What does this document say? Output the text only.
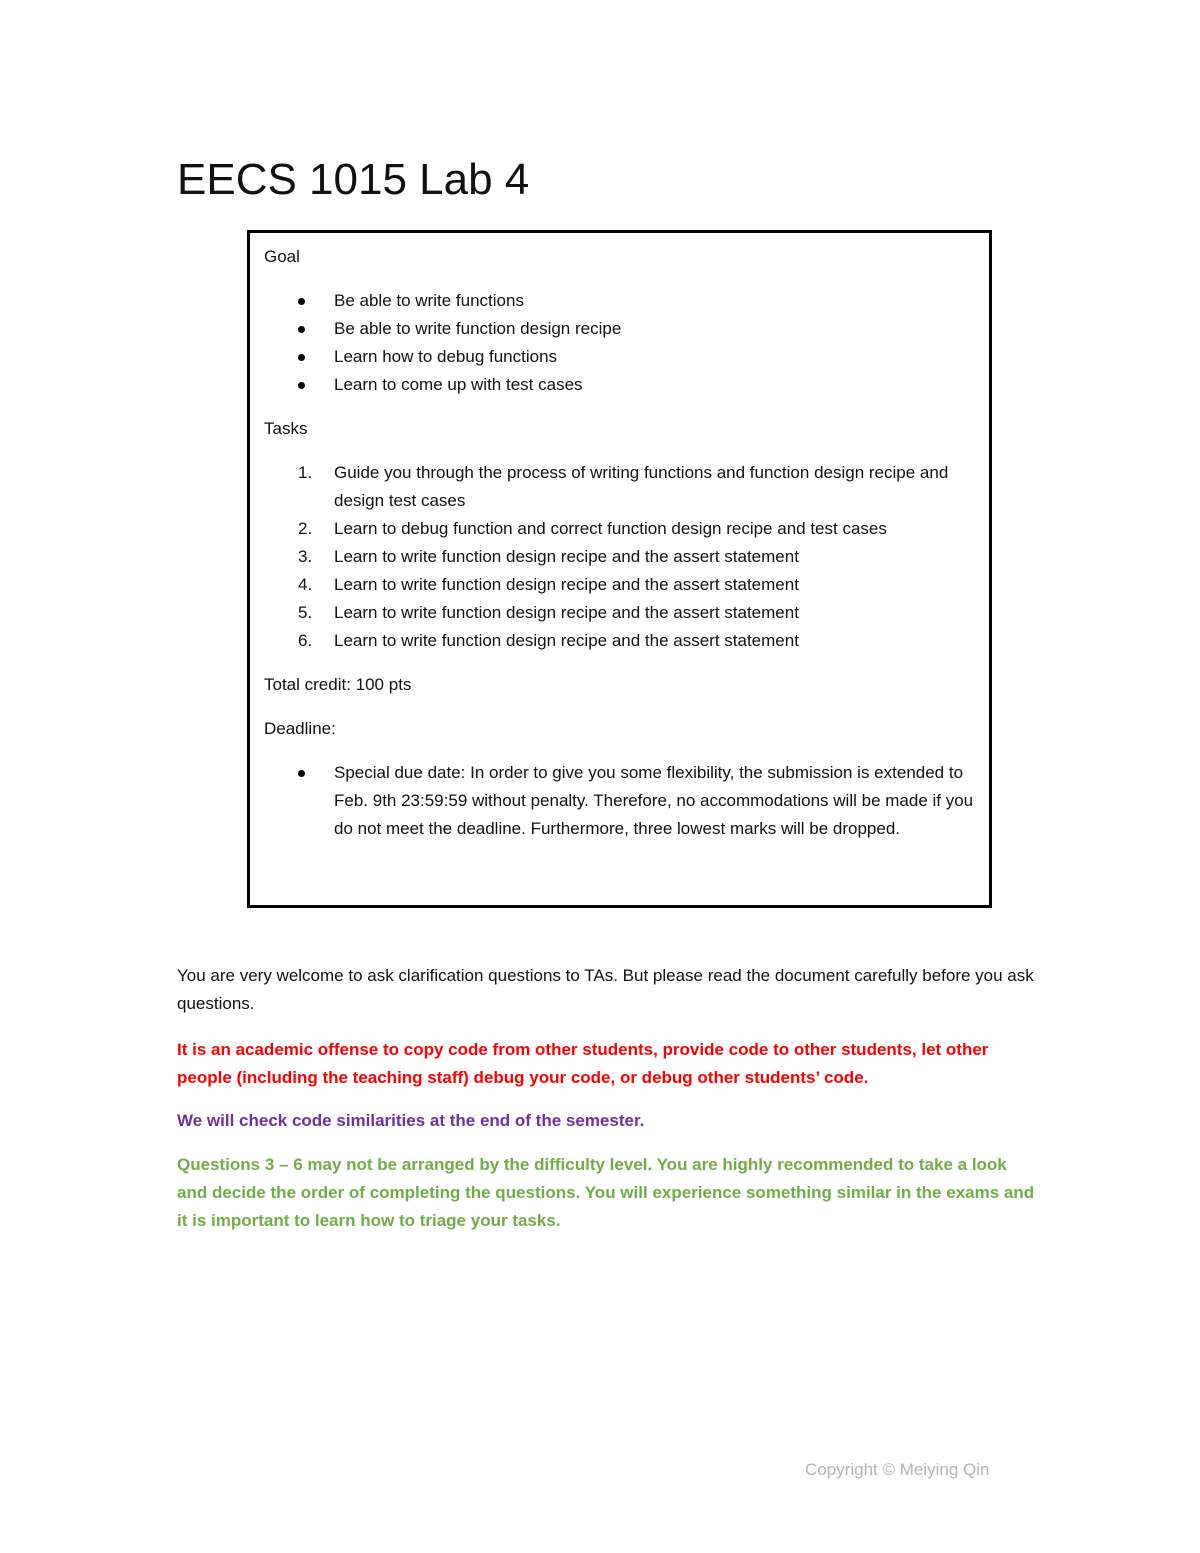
EECS 1015 Lab 4

Goal

Be able to write functions
Be able to write function design recipe
Learn how to debug functions
Learn to come up with test cases

Tasks

1.	Guide you through the process of writing functions and function design recipe and design test cases
2.	Learn to debug function and correct function design recipe and test cases
3.	Learn to write function design recipe and the assert statement
4.	Learn to write function design recipe and the assert statement
5.	Learn to write function design recipe and the assert statement
6.	Learn to write function design recipe and the assert statement

Total credit: 100 pts

Deadline:

Special due date: In order to give you some flexibility, the submission is extended to Feb. 9th 23:59:59 without penalty. Therefore, no accommodations will be made if you do not meet the deadline. Furthermore, three lowest marks will be dropped.

You are very welcome to ask clarification questions to TAs. But please read the document carefully before you ask questions.

It is an academic offense to copy code from other students, provide code to other students, let other people (including the teaching staff) debug your code, or debug other students’ code.

We will check code similarities at the end of the semester.

Questions 3 – 6 may not be arranged by the difficulty level. You are highly recommended to take a look and decide the order of completing the questions. You will experience something similar in the exams and it is important to learn how to triage your tasks.

Copyright © Meiying Qin
